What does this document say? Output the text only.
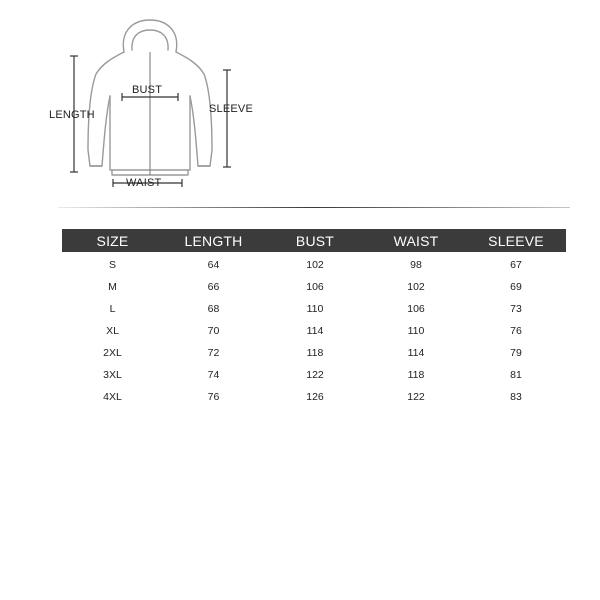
LENGTH
BUST
SLEEVE
WAIST
SIZE	LENGTH	BUST	WAIST	SLEEVE
S	64	102	98	67
M	66	106	102	69
L	68	110	106	73
XL	70	114	110	76
2XL	72	118	114	79
3XL	74	122	118	81
4XL	76	126	122	83
